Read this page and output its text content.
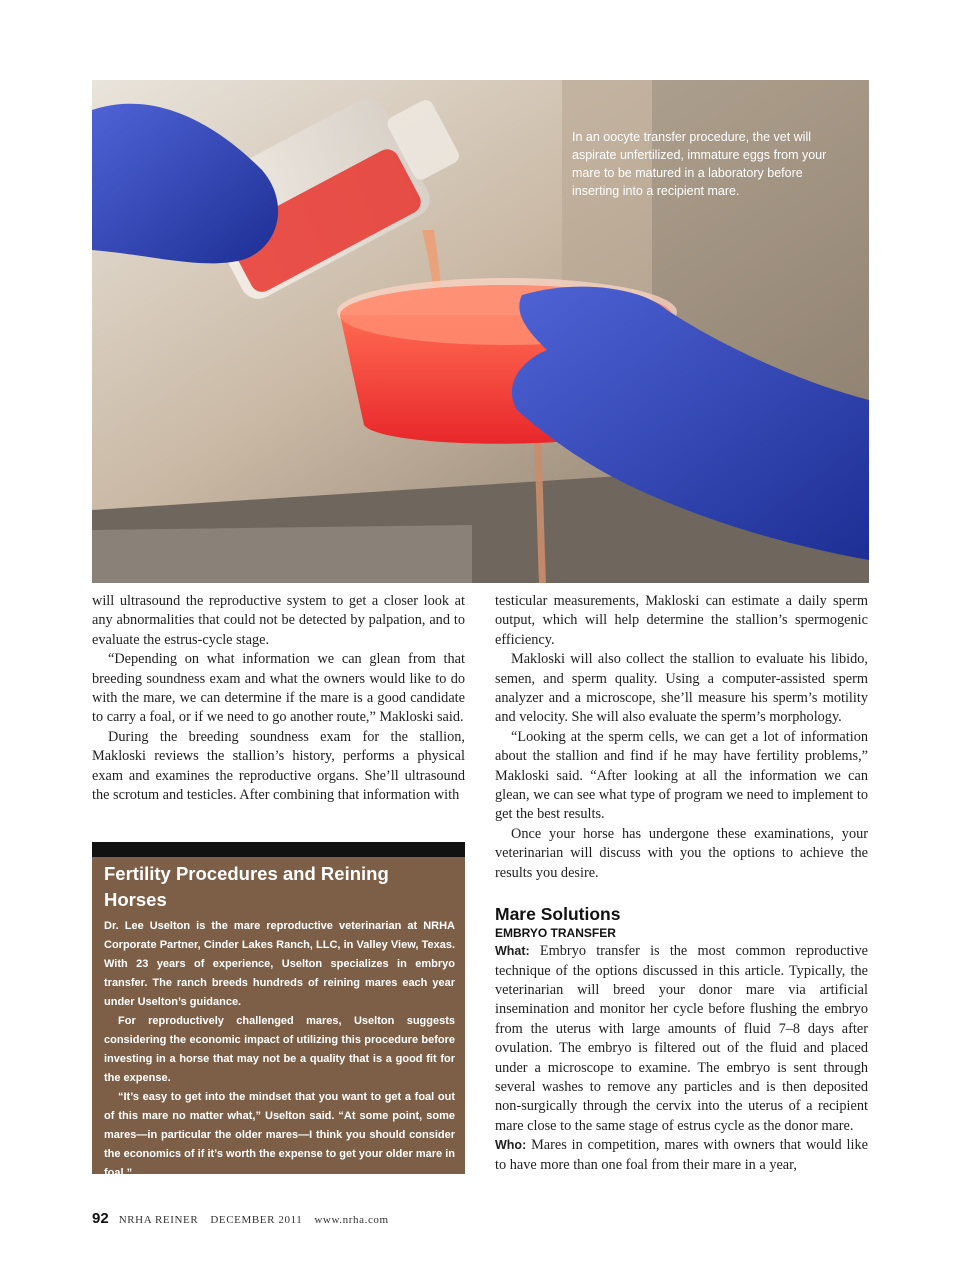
In an oocyte transfer procedure, the vet will aspirate unfertilized, immature eggs from your mare to be matured in a laboratory before inserting into a recipient mare.

will ultrasound the reproductive system to get a closer look at any abnormalities that could not be detected by palpation, and to evaluate the estrus-cycle stage.

“Depending on what information we can glean from that breeding soundness exam and what the owners would like to do with the mare, we can determine if the mare is a good candidate to carry a foal, or if we need to go another route,” Makloski said.

During the breeding soundness exam for the stallion, Makloski reviews the stallion’s history, performs a physical exam and examines the reproductive organs. She’ll ultrasound the scrotum and testicles. After combining that information with

Fertility Procedures and Reining Horses

Dr. Lee Uselton is the mare reproductive veterinarian at NRHA Corporate Partner, Cinder Lakes Ranch, LLC, in Valley View, Texas. With 23 years of experience, Uselton specializes in embryo transfer. The ranch breeds hundreds of reining mares each year under Uselton’s guidance.

For reproductively challenged mares, Uselton suggests considering the economic impact of utilizing this procedure before investing in a horse that may not be a quality that is a good fit for the expense.

“It’s easy to get into the mindset that you want to get a foal out of this mare no matter what,” Uselton said. “At some point, some mares—in particular the older mares—I think you should consider the economics of if it’s worth the expense to get your older mare in foal.”

Uselton says advanced fertility treatments are ideal for outstanding mares. For more information about Cinder Lakes Ranch, go to cinderlakesranch.com.

testicular measurements, Makloski can estimate a daily sperm output, which will help determine the stallion’s spermogenic efficiency.

Makloski will also collect the stallion to evaluate his libido, semen, and sperm quality. Using a computer-assisted sperm analyzer and a microscope, she’ll measure his sperm’s motility and velocity. She will also evaluate the sperm’s morphology.

“Looking at the sperm cells, we can get a lot of information about the stallion and find if he may have fertility problems,” Makloski said. “After looking at all the information we can glean, we can see what type of program we need to implement to get the best results.

Once your horse has undergone these examinations, your veterinarian will discuss with you the options to achieve the results you desire.

Mare Solutions
EMBRYO TRANSFER

What: Embryo transfer is the most common reproductive technique of the options discussed in this article. Typically, the veterinarian will breed your donor mare via artificial insemination and monitor her cycle before flushing the embryo from the uterus with large amounts of fluid 7–8 days after ovulation. The embryo is filtered out of the fluid and placed under a microscope to examine. The embryo is sent through several washes to remove any particles and is then deposited non-surgically through the cervix into the uterus of a recipient mare close to the same stage of estrus cycle as the donor mare.

Who: Mares in competition, mares with owners that would like to have more than one foal from their mare in a year,

92 NRHA REINER DECEMBER 2011 www.nrha.com
